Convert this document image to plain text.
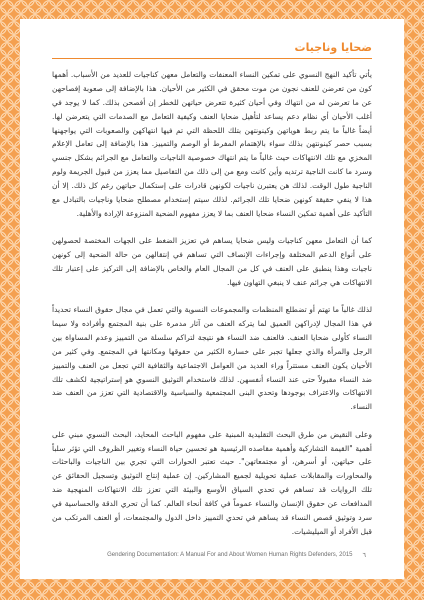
ضحايا وناجيات

يأتي تأكيد النهج النسوي على تمكين النساء المعنفات والتعامل معهن كناجيات للعديد من الأسباب. أهمها كون من تعرضن للعنف نجون من موت محقق في الكثير من الأحيان. هذا بالإضافة إلى صعوبة إفصاحهن عن ما تعرضن له من انتهاك وفي أحيان كثيرة تتعرض حياتهن للخطر إن أفصحن بذلك. كما لا يوجد في أغلب الأحيان أي نظام دعم يساعد لتأهيل ضحايا العنف وكيفية التعامل مع الصدمات التي يتعرضن لها. أيضاً غالباً ما يتم ربط هوياتهن وكينونتهن بتلك اللحظة التي تم فيها انتهاكهن والصعوبات التي يواجهنها بسبب حصر كينونتهن بذلك سواء بالإهتمام المفرط أو الوصم والتمييز. هذا بالإضافة إلى تعامل الإعلام المخزي مع تلك الانتهاكات حيث غالباً ما يتم انتهاك خصوصية الناجيات والتعامل مع الجرائم بشكل جنسي وسرد ما كانت الناجية ترتديه وأين كانت ومع من إلى ذلك من التفاصيل مما يعزز من قبول الجريمة ولوم الناجية طول الوقت. لذلك هن يعتبرن ناجيات لكونهن قادرات على إستكمال حياتهن رغم كل ذلك. إلا أن هذا لا ينفي حقيقة كونهن ضحايا تلك الجرائم. لذلك سيتم إستخدام مصطلح ضحايا وناجيات بالتبادل مع التأكيد على أهمية تمكين النساء ضحايا العنف بما لا يعزز مفهوم الضحية المنزوعة الإرادة والأهلية.

كما أن التعامل معهن كناجيات وليس ضحايا يساهم في تعزيز الضغط على الجهات المختصة لحصولهن على أنواع الدعم المختلفة وإجراءات الإنصاف التي تساهم في إنتقالهن من حالة الضحية إلى كونهن ناجيات وهذا ينطبق على العنف في كل من المجال العام والخاص بالإضافة إلى التركيز على إعتبار تلك الانتهاكات هي جرائم عنف لا ينبغي التهاون فيها.

لذلك غالباً ما تهتم أو تضطلع المنظمات والمجموعات النسوية والتي تعمل في مجال حقوق النساء تحديداً في هذا المجال لإدراكهن العميق لما يتركه العنف من آثار مدمرة على بنية المجتمع وأفراده ولا سيما النساء كأولى ضحايا العنف. فالعنف ضد النساء هو نتيجة لتراكم سلسلة من التمييز وعدم المساواة بين الرجل والمرأة والذي جعلها تجبر على خسارة الكثير من حقوقها ومكانتها في المجتمع. وفي كثير من الأحيان يكون العنف مستتراً وراء العديد من العوامل الاجتماعية والثقافية التي تجعل من العنف والتمييز ضد النساء مقبولاً حتى عند النساء أنفسهن. لذلك فاستخدام التوثيق النسوي هو إستراتيجية لكشف تلك الانتهاكات والاعتراف بوجودها وتحدي البنى المجتمعية والسياسية والاقتصادية التي تعزز من العنف ضد النساء.

وعلى النقيض من طرق البحث التقليدية المبنية على مفهوم الباحث المحايد، البحث النسوي مبني على أهمية "القيمة التشاركية وأهمية مقاصده الرئيسية هو تحسين حياة النساء وتغيير الظروف التي تؤثر سلباً على حياتهن، أو أسرهن، أو مجتمعاتهن". حيث تعتبر الحوارات التي تجري بين الناجيات والباحثات والمحاورات والمقابلات عملية تحويلية لجميع المشاركين. إن عملية إنتاج التوثيق وتسجيل الحقائق عن تلك الروايات قد تساهم في تحدي السياق الأوسع والبيئة التي تعزز تلك الانتهاكات المنهجية ضد المدافعات عن حقوق الإنسان والنساء عموماً في كافة أنحاء العالم. كما أن تحري الدقة والحساسية في سرد وتوثيق قصص النساء قد يساهم في تحدي التمييز داخل الدول والمجتمعات، أو العنف المرتكب من قبل الأفراد أو الميليشيات.

Gendering Documentation: A Manual For and About Women Human Rights Defenders, 2015 ٦
